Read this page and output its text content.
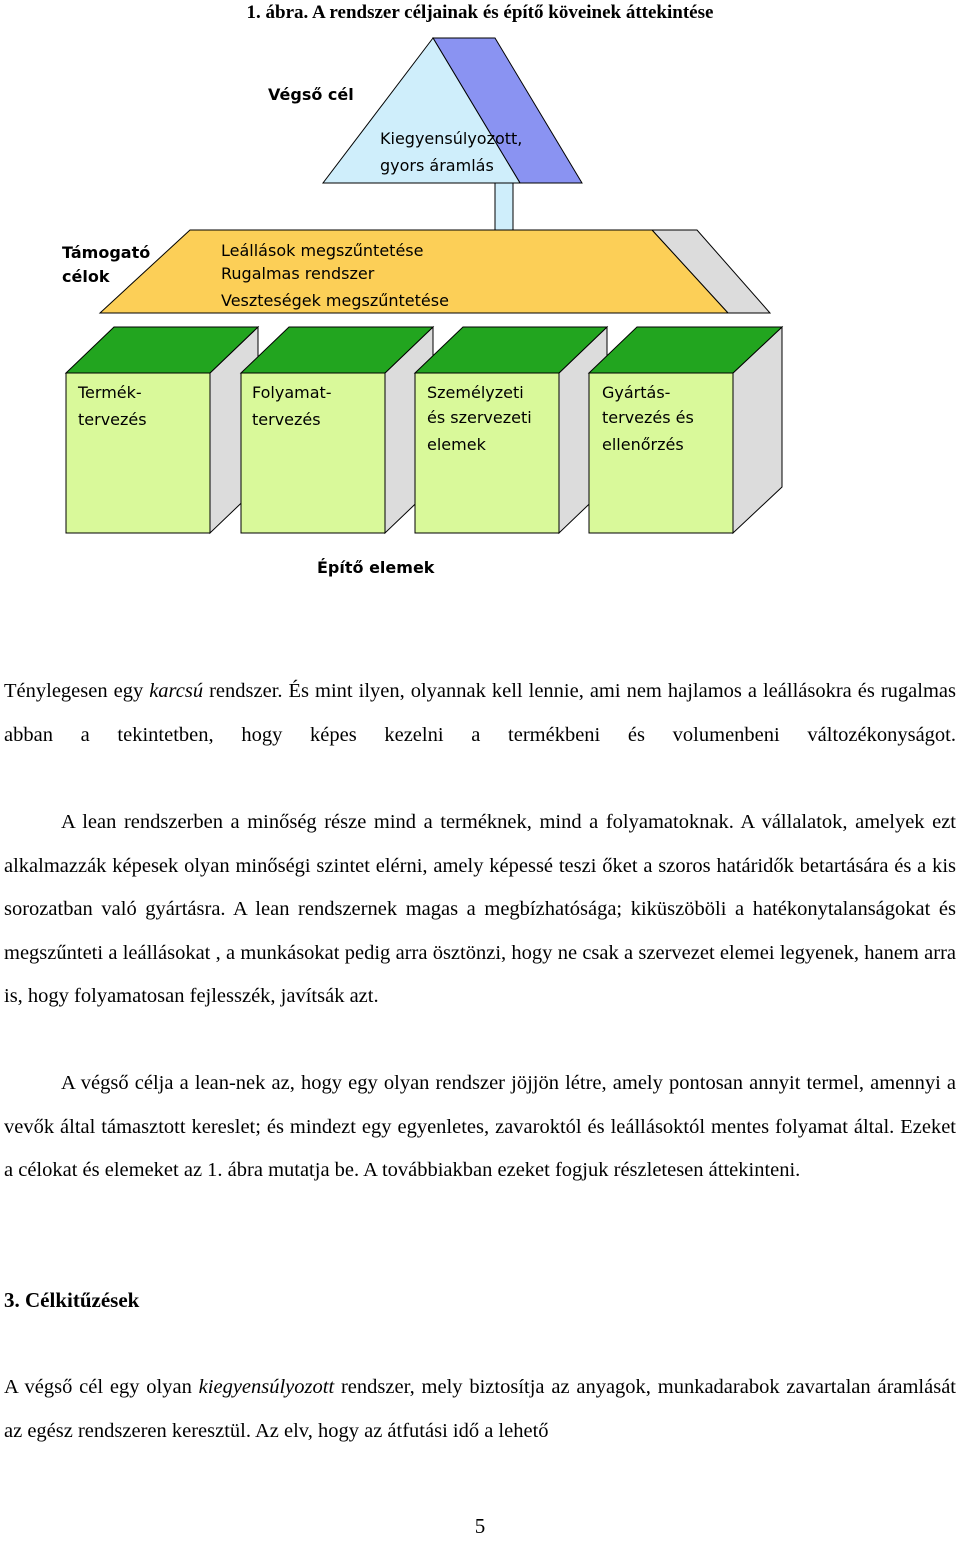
1. ábra. A rendszer céljainak és építő köveinek áttekintése
Végső cél
Kiegyensúlyozott,
gyors áramlás
Támogató
célok
Leállások megszűntetése
Rugalmas rendszer
Veszteségek megszűntetése
Termék-
tervezés
Folyamat-
tervezés
Személyzeti
és szervezeti
elemek
Gyártás-
tervezés és
ellenőrzés
Építő elemek

Ténylegesen egy karcsú rendszer. És mint ilyen, olyannak kell lennie, ami nem hajlamos a leállásokra és rugalmas abban a tekintetben, hogy képes kezelni a termékbeni és volumenbeni változékonyságot.

A lean rendszerben a minőség része mind a terméknek, mind a folyamatoknak. A vállalatok, amelyek ezt alkalmazzák képesek olyan minőségi szintet elérni, amely képessé teszi őket a szoros határidők betartására és a kis sorozatban való gyártásra. A lean rendszernek magas a megbízhatósága; kiküszöböli a hatékonytalanságokat és megszűnteti a leállásokat , a munkásokat pedig arra ösztönzi, hogy ne csak a szervezet elemei legyenek, hanem arra is, hogy folyamatosan fejlesszék, javítsák azt.

A végső célja a lean-nek az, hogy egy olyan rendszer jöjjön létre, amely pontosan annyit termel, amennyi a vevők által támasztott kereslet; és mindezt egy egyenletes, zavaroktól és leállásoktól mentes folyamat által. Ezeket a célokat és elemeket az 1. ábra mutatja be. A továbbiakban ezeket fogjuk részletesen áttekinteni.

3. Célkitűzések

A végső cél egy olyan kiegyensúlyozott rendszer, mely biztosítja az anyagok, munkadarabok zavartalan áramlását az egész rendszeren keresztül. Az elv, hogy az átfutási idő a lehető

5
